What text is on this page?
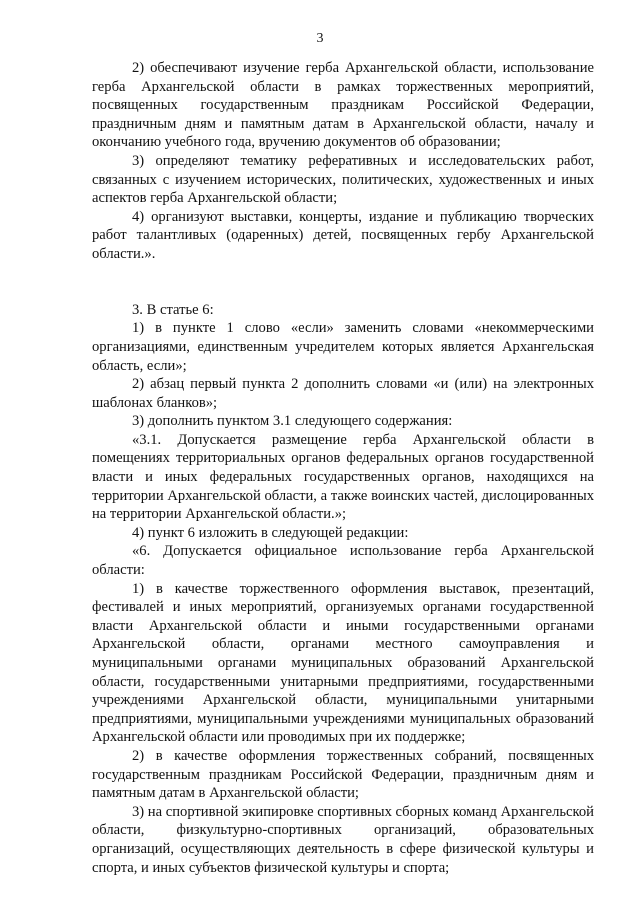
3

2) обеспечивают изучение герба Архангельской области, использование герба Архангельской области в рамках торжественных мероприятий, посвященных государственным праздникам Российской Федерации, праздничным дням и памятным датам в Архангельской области, началу и окончанию учебного года, вручению документов об образовании;

3) определяют тематику реферативных и исследовательских работ, связанных с изучением исторических, политических, художественных и иных аспектов герба Архангельской области;

4) организуют выставки, концерты, издание и публикацию творческих работ талантливых (одаренных) детей, посвященных гербу Архангельской области.».

3. В статье 6:

1) в пункте 1 слово «если» заменить словами «некоммерческими организациями, единственным учредителем которых является Архангельская область, если»;

2) абзац первый пункта 2 дополнить словами «и (или) на электронных шаблонах бланков»;

3) дополнить пунктом 3.1 следующего содержания:

«3.1. Допускается размещение герба Архангельской области в помещениях территориальных органов федеральных органов государственной власти и иных федеральных государственных органов, находящихся на территории Архангельской области, а также воинских частей, дислоцированных на территории Архангельской области.»;

4) пункт 6 изложить в следующей редакции:

«6. Допускается официальное использование герба Архангельской области:

1) в качестве торжественного оформления выставок, презентаций, фестивалей и иных мероприятий, организуемых органами государственной власти Архангельской области и иными государственными органами Архангельской области, органами местного самоуправления и муниципальными органами муниципальных образований Архангельской области, государственными унитарными предприятиями, государственными учреждениями Архангельской области, муниципальными унитарными предприятиями, муниципальными учреждениями муниципальных образований Архангельской области или проводимых при их поддержке;

2) в качестве оформления торжественных собраний, посвященных государственным праздникам Российской Федерации, праздничным дням и памятным датам в Архангельской области;

3) на спортивной экипировке спортивных сборных команд Архангельской области, физкультурно-спортивных организаций, образовательных организаций, осуществляющих деятельность в сфере физической культуры и спорта, и иных субъектов физической культуры и спорта;
